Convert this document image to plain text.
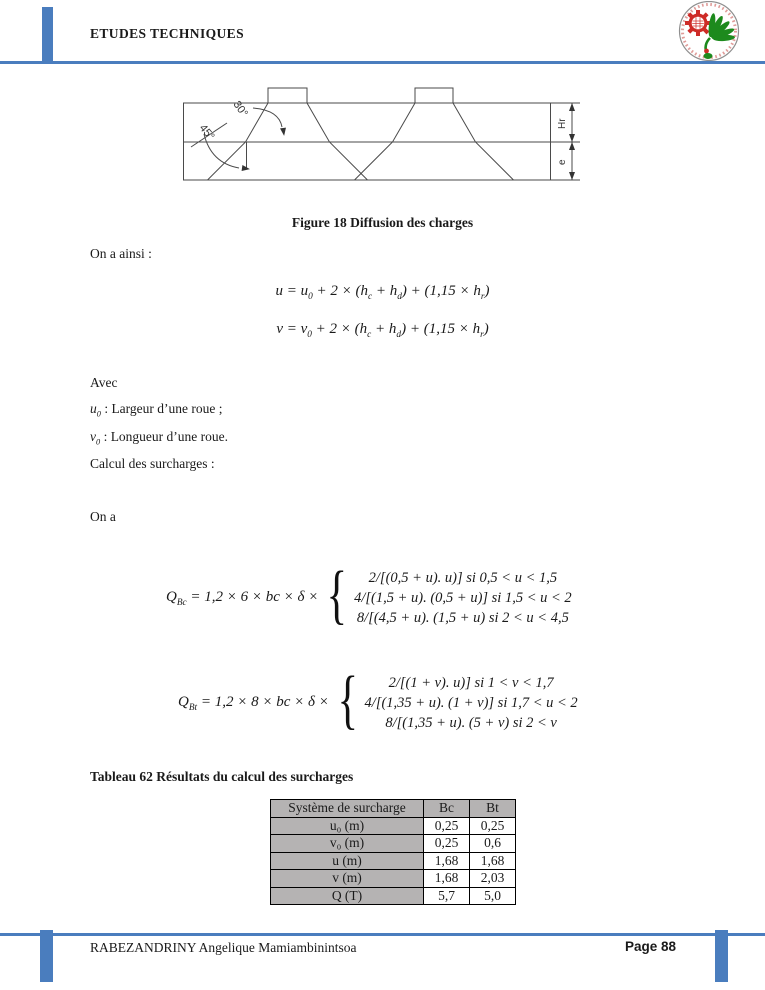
ETUDES TECHNIQUES
30°
45°	Hr
e
Figure 18 Diffusion des charges
On a ainsi :
$u = u_0 + 2 \times (h_c + h_d) + (1,15 \times h_r)$
$v = v_0 + 2 \times (h_c + h_d) + (1,15 \times h_r)$
Avec
$u_0$ : Largeur d’une roue ;
$v_0$ : Longueur d’une roue.
Calcul des surcharges :
On a
$Q_{Bc} = 1,2 \times 6$ × bc × δ × {	2/[(0,5 + u). u)] si 0,5 < u < 1,5
4/[(1,5 + u). (0,5 + u)] si 1,5 < u < 2
8/[(4,5 + u). (1,5 + u) si 2 < u < 4,5
$Q_{Bt} = 1,2 \times 8$ × bc × δ × {	2/[(1 + v). u)] si 1 < v < 1,7
4/[(1,35 + u). (1 + v)] si 1,7 < u < 2
8/[(1,35 + u). (5 + v) si 2 < v
Tableau 62 Résultats du calcul des surcharges
Système de surcharge	Bc	Bt
u₀ (m)	0,25	0,25
v₀ (m)	0,25	0,6
u (m)	1,68	1,68
v (m)	1,68	2,03
Q (T)	5,7	5,0
RABEZANDRINY Angelique Mamiambinintsoa	Page 88
